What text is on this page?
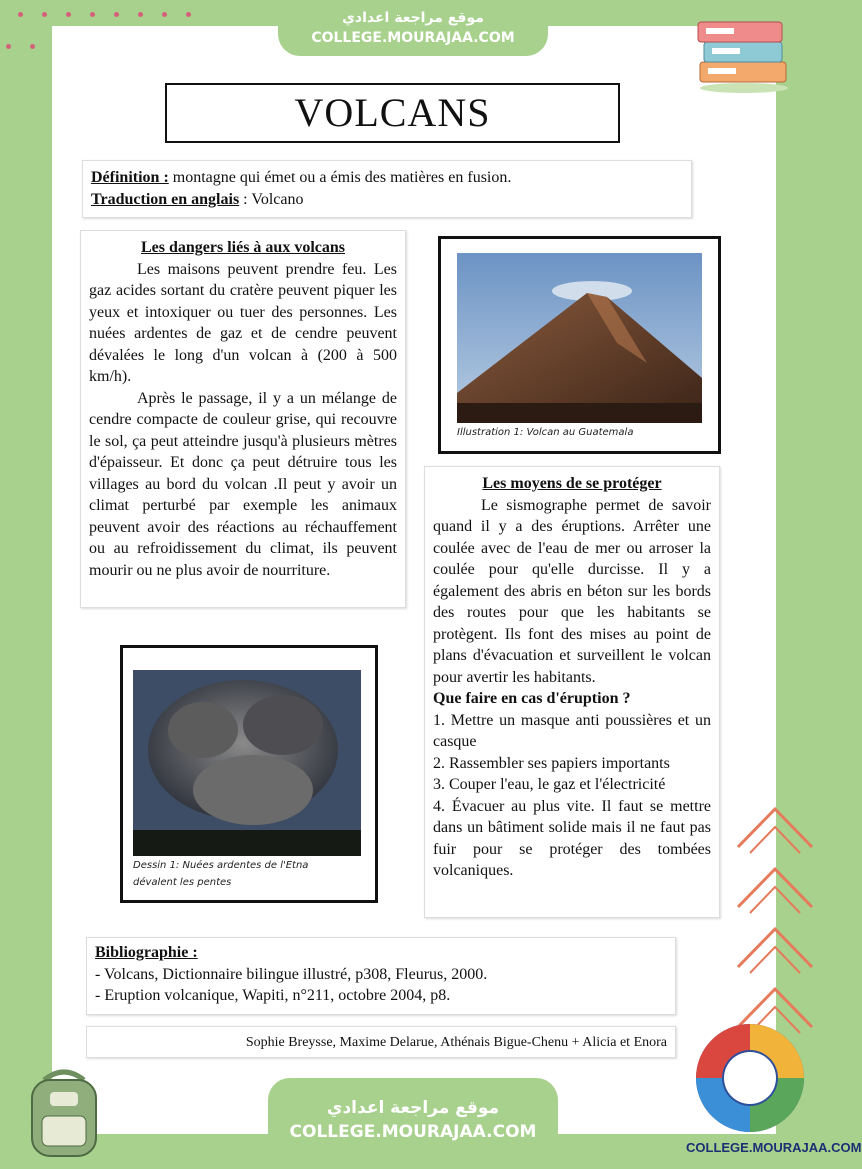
موقع مراجعة اعدادي
COLLEGE.MOURAJAA.COM
VOLCANS
Définition : montagne qui émet ou a émis des matières en fusion.
Traduction en anglais : Volcano
Les dangers liés à aux volcans

Les maisons peuvent prendre feu. Les gaz acides sortant du cratère peuvent piquer les yeux et intoxiquer ou tuer des personnes. Les nuées ardentes de gaz et de cendre peuvent dévalées le long d'un volcan à (200 à 500 km/h).

Après le passage, il y a un mélange de cendre compacte de couleur grise, qui recouvre le sol, ça peut atteindre jusqu'à plusieurs mètres d'épaisseur. Et donc ça peut détruire tous les villages au bord du volcan .Il peut y avoir un climat perturbé par exemple les animaux peuvent avoir des réactions au réchauffement ou au refroidissement du climat, ils peuvent mourir ou ne plus avoir de nourriture.

Illustration 1: Volcan au Guatemala
Les moyens de se protéger

Le sismographe permet de savoir quand il y a des éruptions. Arrêter une coulée avec de l'eau de mer ou arroser la coulée pour qu'elle durcisse. Il y a également des abris en béton sur les bords des routes pour que les habitants se protègent. Ils font des mises au point de plans d'évacuation et surveillent le volcan pour avertir les habitants.

Que faire en cas d'éruption ?
1. Mettre un masque anti poussières et un casque
2. Rassembler ses papiers importants
3. Couper l'eau, le gaz et l'électricité
4. Évacuer au plus vite. Il faut se mettre dans un bâtiment solide mais il ne faut pas fuir pour se protéger des tombées volcaniques.
Dessin 1: Nuées ardentes de l'Etna
dévalent les pentes
Bibliographie :
- Volcans, Dictionnaire bilingue illustré, p308, Fleurus, 2000.
- Eruption volcanique, Wapiti, n°211, octobre 2004, p8.
Sophie Breysse, Maxime Delarue, Athénais Bigue-Chenu + Alicia et Enora
موقع مراجعة اعدادي
COLLEGE.MOURAJAA.COM
COLLEGE.MOURAJAA.COM
